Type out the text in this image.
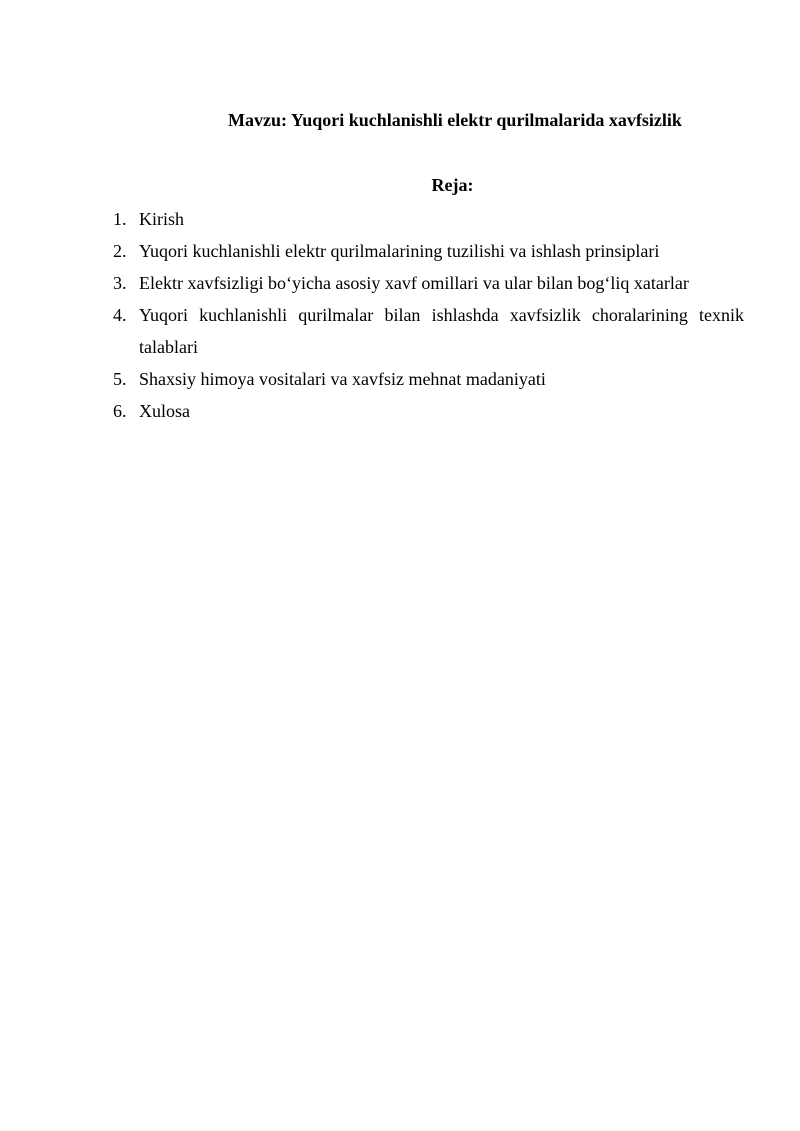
Mavzu: Yuqori kuchlanishli elektr qurilmalarida xavfsizlik
Reja:
1. Kirish
2. Yuqori kuchlanishli elektr qurilmalarining tuzilishi va ishlash prinsiplari
3. Elektr xavfsizligi bo‘yicha asosiy xavf omillari va ular bilan bog‘liq xatarlar
4. Yuqori kuchlanishli qurilmalar bilan ishlashda xavfsizlik choralarining texnik talablari
5. Shaxsiy himoya vositalari va xavfsiz mehnat madaniyati
6. Xulosa
